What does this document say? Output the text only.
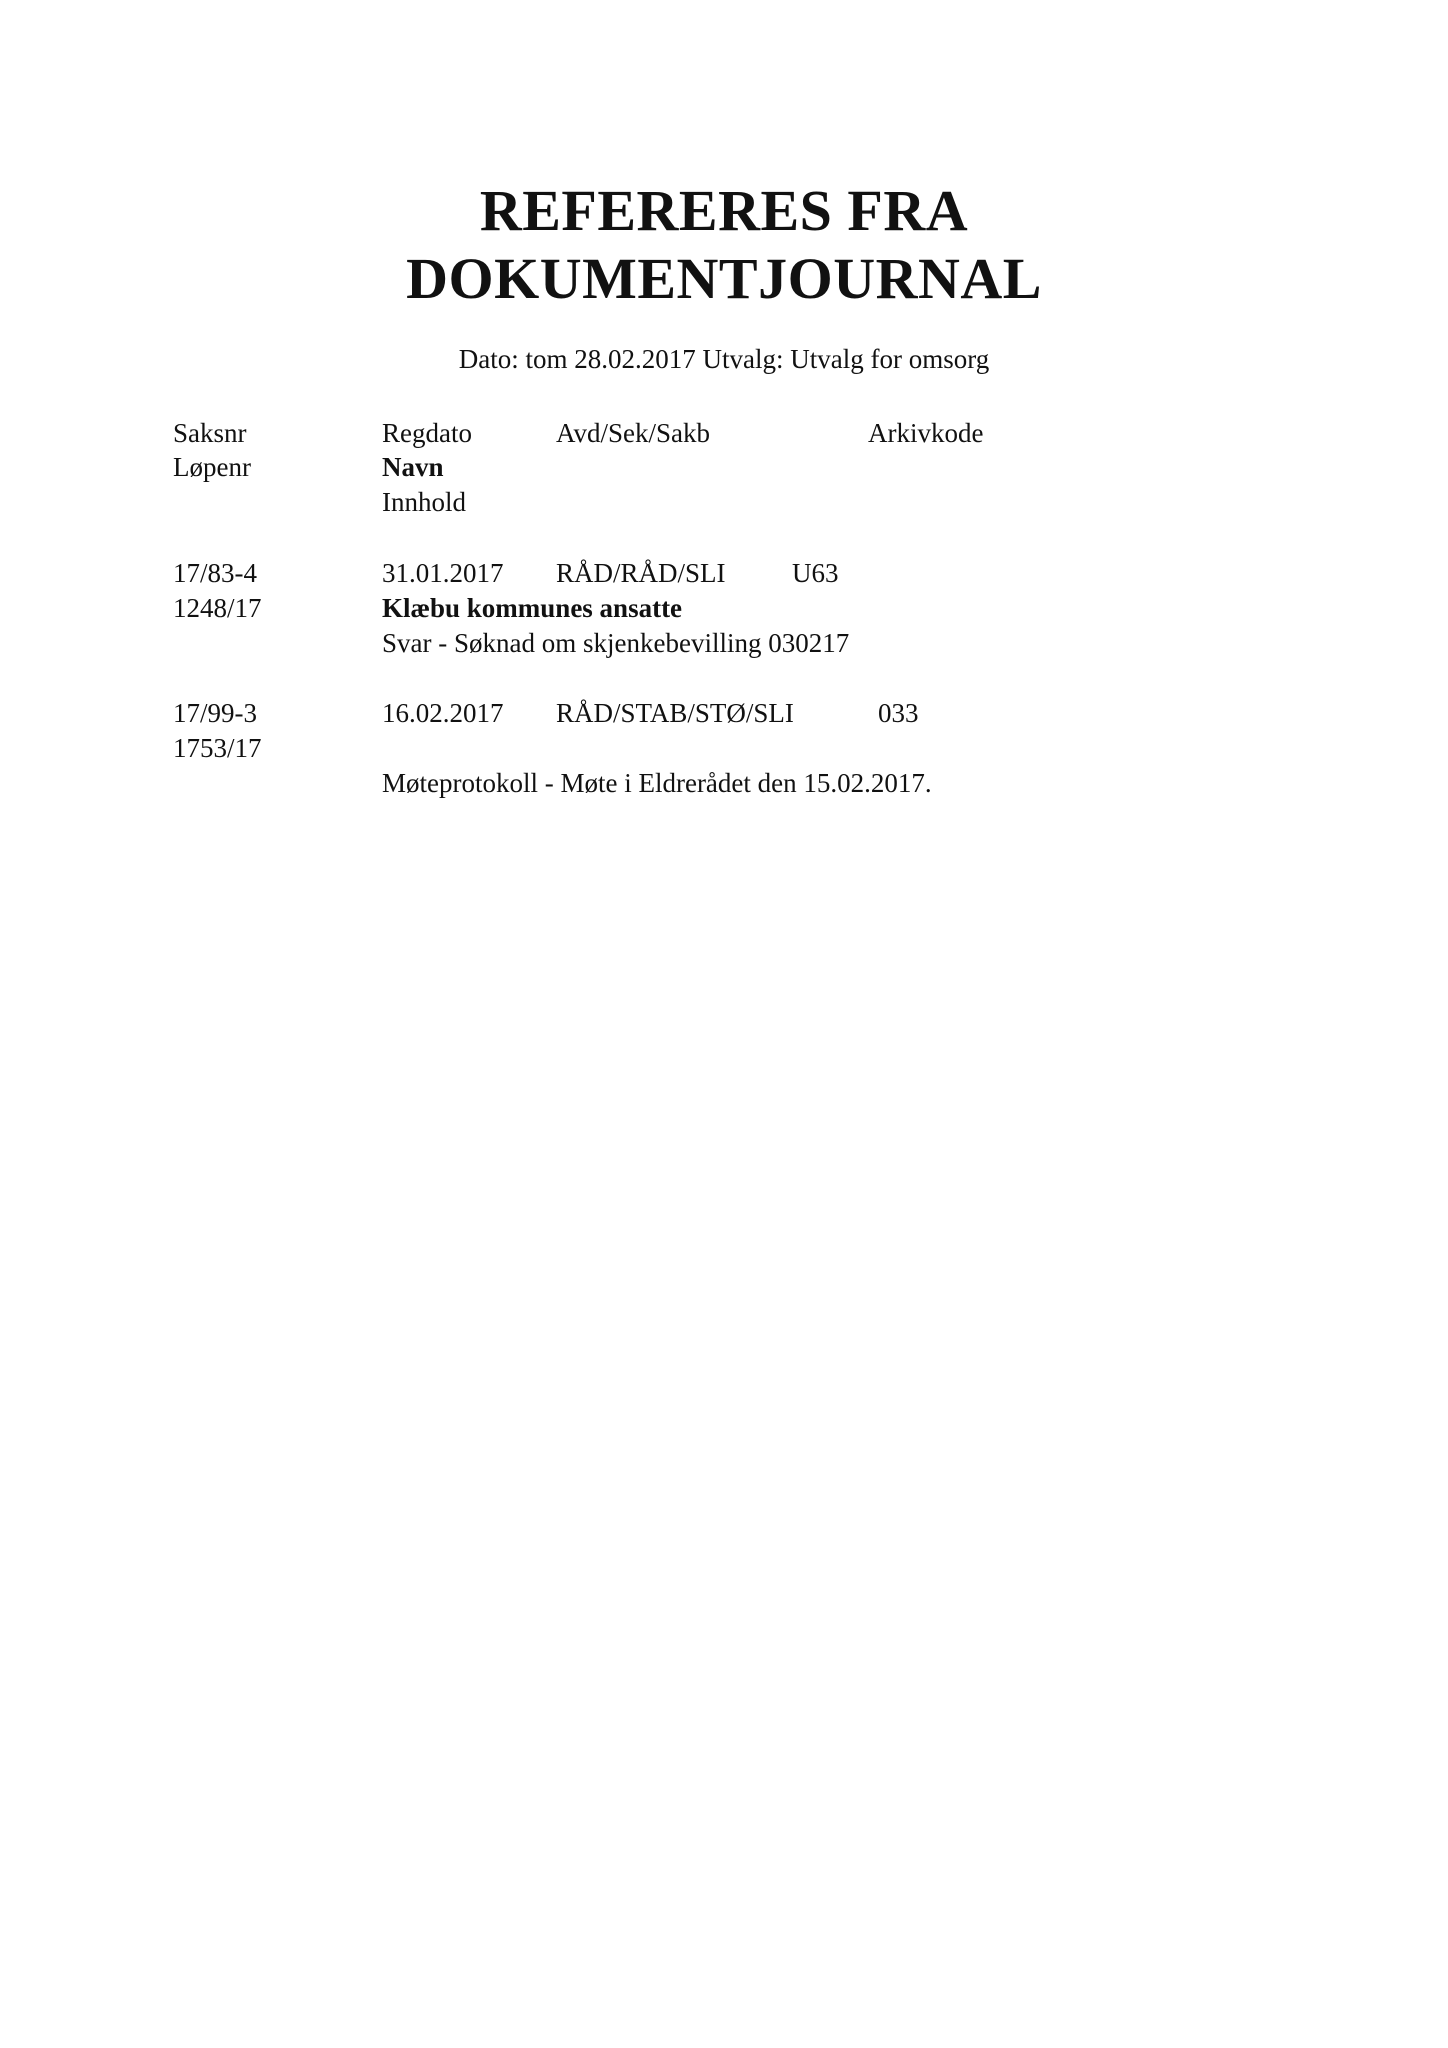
REFERERES FRA
DOKUMENTJOURNAL
Dato: tom 28.02.2017 Utvalg: Utvalg for omsorg
Saksnr	Regdato	Avd/Sek/Sakb	Arkivkode
Løpenr	Navn
Innhold
17/83-4	31.01.2017 RÅD/RÅD/SLI U63
1248/17	Klæbu kommunes ansatte
Svar - Søknad om skjenkebevilling 030217
17/99-3	16.02.2017 RÅD/STAB/STØ/SLI	033
1753/17
Møteprotokoll - Møte i Eldrerådet den 15.02.2017.
